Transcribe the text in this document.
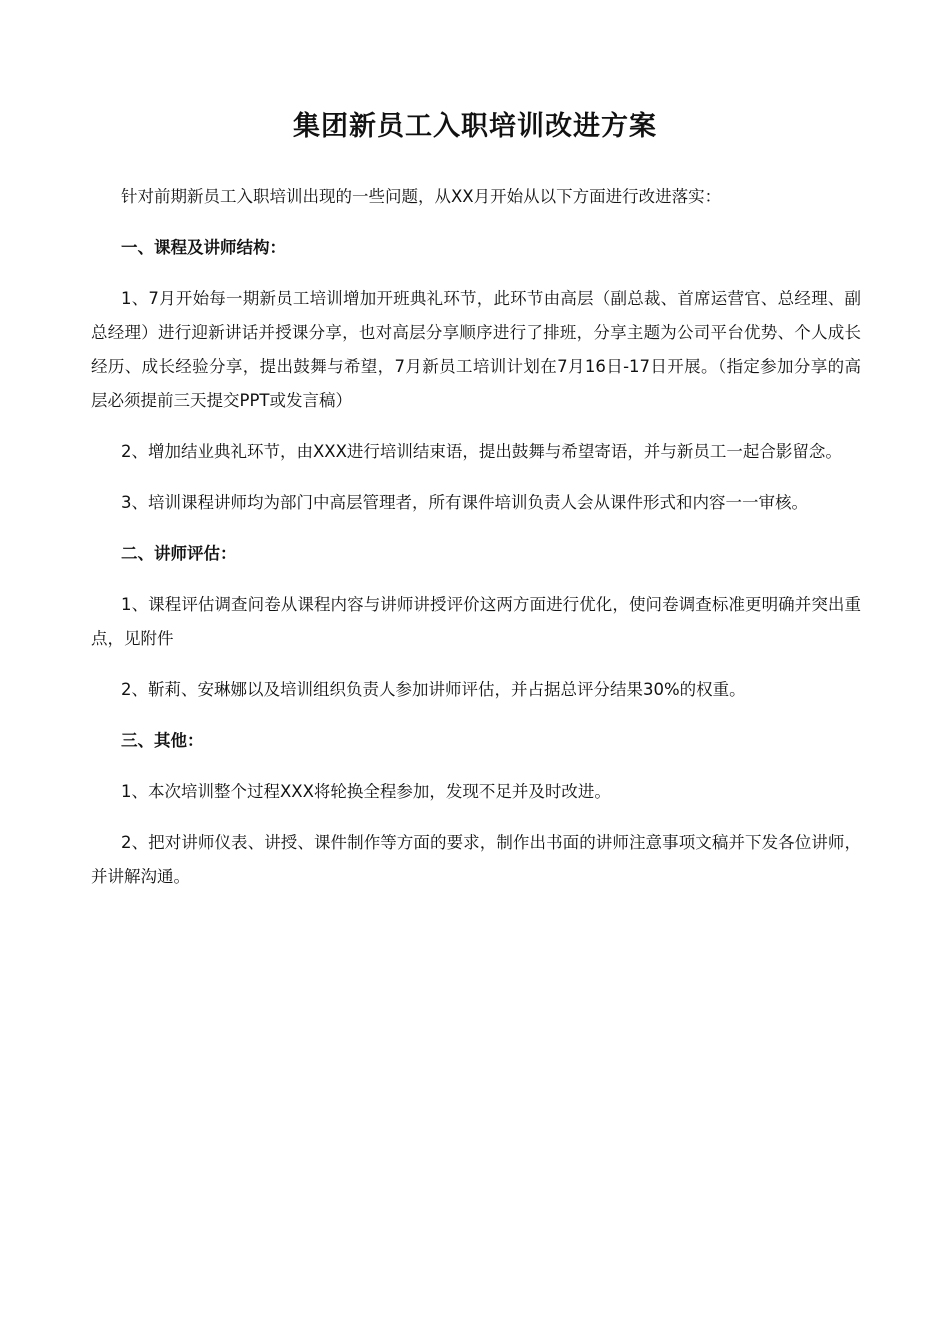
集团新员工入职培训改进方案

针对前期新员工入职培训出现的一些问题，从XX月开始从以下方面进行改进落实：

一、课程及讲师结构：

1、7月开始每一期新员工培训增加开班典礼环节，此环节由高层（副总裁、首席运营官、总经理、副总经理）进行迎新讲话并授课分享，也对高层分享顺序进行了排班，分享主题为公司平台优势、个人成长经历、成长经验分享，提出鼓舞与希望，7月新员工培训计划在7月16日-17日开展。（指定参加分享的高层必须提前三天提交PPT或发言稿）

2、增加结业典礼环节，由XXX进行培训结束语，提出鼓舞与希望寄语，并与新员工一起合影留念。

3、培训课程讲师均为部门中高层管理者，所有课件培训负责人会从课件形式和内容一一审核。

二、讲师评估：

1、课程评估调查问卷从课程内容与讲师讲授评价这两方面进行优化，使问卷调查标准更明确并突出重点，见附件

2、靳莉、安琳娜以及培训组织负责人参加讲师评估，并占据总评分结果30%的权重。

三、其他：

1、本次培训整个过程XXX将轮换全程参加，发现不足并及时改进。

2、把对讲师仪表、讲授、课件制作等方面的要求，制作出书面的讲师注意事项文稿并下发各位讲师，并讲解沟通。
